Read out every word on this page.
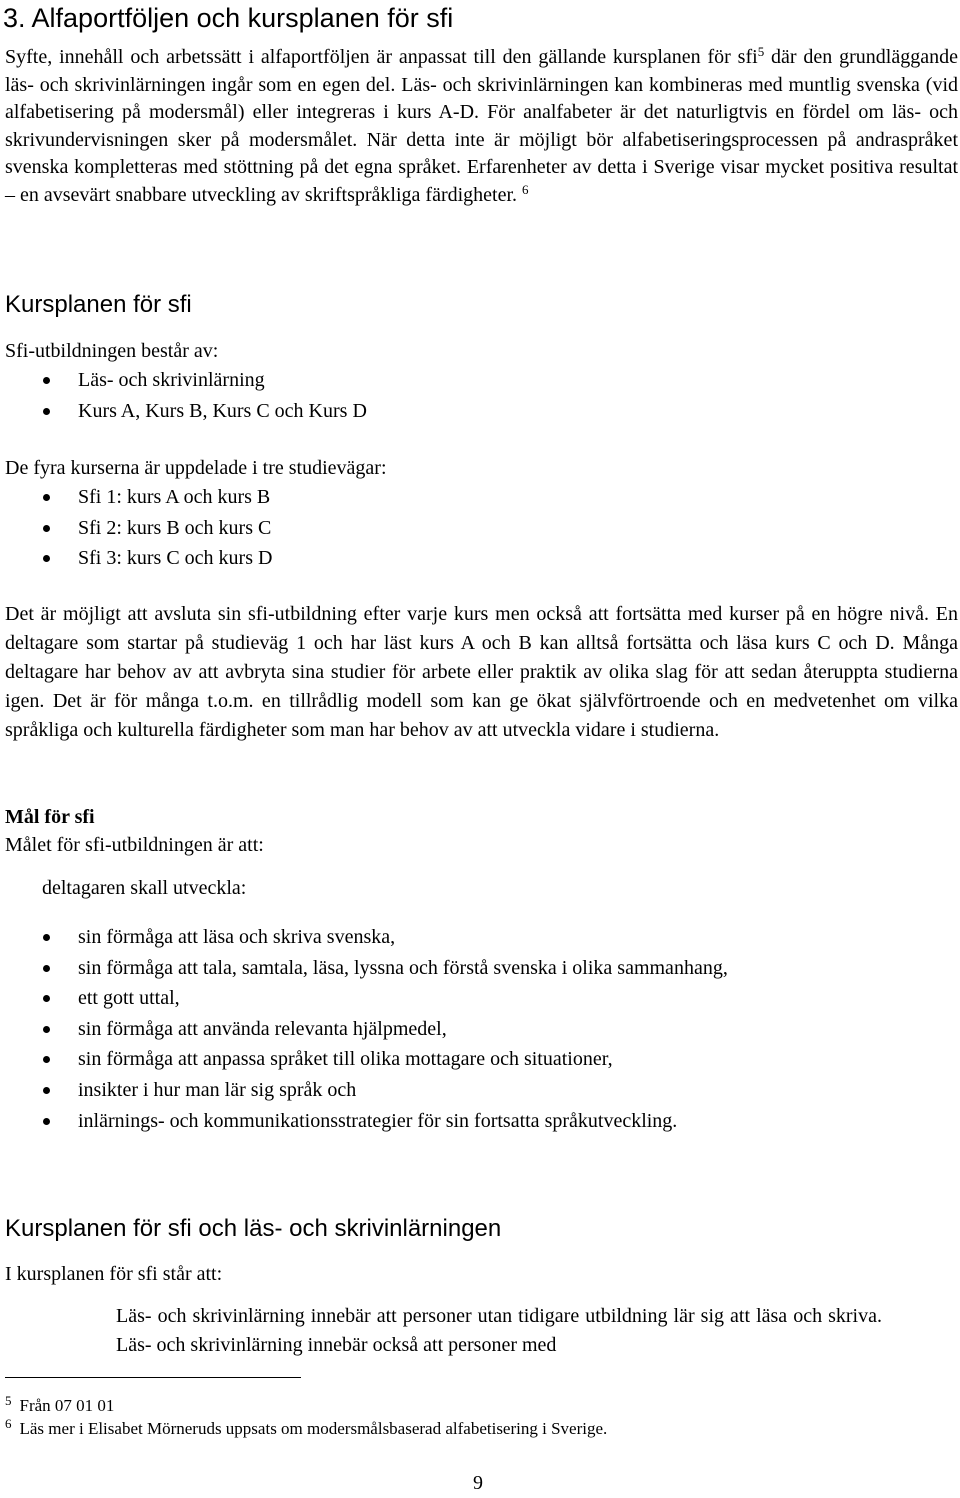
3. Alfaportföljen och kursplanen för sfi

Syfte, innehåll och arbetssätt i alfaportföljen är anpassat till den gällande kursplanen för sfi$^5$ där den grundläggande läs- och skrivinlärningen ingår som en egen del. Läs- och skrivinlärningen kan kombineras med muntlig svenska (vid alfabetisering på modersmål) eller integreras i kurs A-D. För analfabeter är det naturligtvis en fördel om läs- och skrivundervisningen sker på modersmålet. När detta inte är möjligt bör alfabetiseringsprocessen på andraspråket svenska kompletteras med stöttning på det egna språket. Erfarenheter av detta i Sverige visar mycket positiva resultat – en avsevärt snabbare utveckling av skriftspråkliga färdigheter. $^6$

Kursplanen för sfi

Sfi-utbildningen består av:

Läs- och skrivinlärning
Kurs A, Kurs B, Kurs C och Kurs D

De fyra kurserna är uppdelade i tre studievägar:

Sfi 1: kurs A och kurs B
Sfi 2: kurs B och kurs C
Sfi 3: kurs C och kurs D

Det är möjligt att avsluta sin sfi-utbildning efter varje kurs men också att fortsätta med kurser på en högre nivå. En deltagare som startar på studieväg 1 och har läst kurs A och B kan alltså fortsätta och läsa kurs C och D. Många deltagare har behov av att avbryta sina studier för arbete eller praktik av olika slag för att sedan återuppta studierna igen. Det är för många t.o.m. en tillrådlig modell som kan ge ökat självförtroende och en medvetenhet om vilka språkliga och kulturella färdigheter som man har behov av att utveckla vidare i studierna.

Mål för sfi

Målet för sfi-utbildningen är att:

deltagaren skall utveckla:

sin förmåga att läsa och skriva svenska,
sin förmåga att tala, samtala, läsa, lyssna och förstå svenska i olika sammanhang,
ett gott uttal,
sin förmåga att använda relevanta hjälpmedel,
sin förmåga att anpassa språket till olika mottagare och situationer,
insikter i hur man lär sig språk och
inlärnings- och kommunikationsstrategier för sin fortsatta språkutveckling.
Kursplanen för sfi och läs- och skrivinlärningen

I kursplanen för sfi står att:

Läs- och skrivinlärning innebär att personer utan tidigare utbildning lär sig att läsa och skriva. Läs- och skrivinlärning innebär också att personer med

$^5$ Från 07 01 01
$^6$ Läs mer i Elisabet Mörneruds uppsats om modersmålsbaserad alfabetisering i Sverige.
9
